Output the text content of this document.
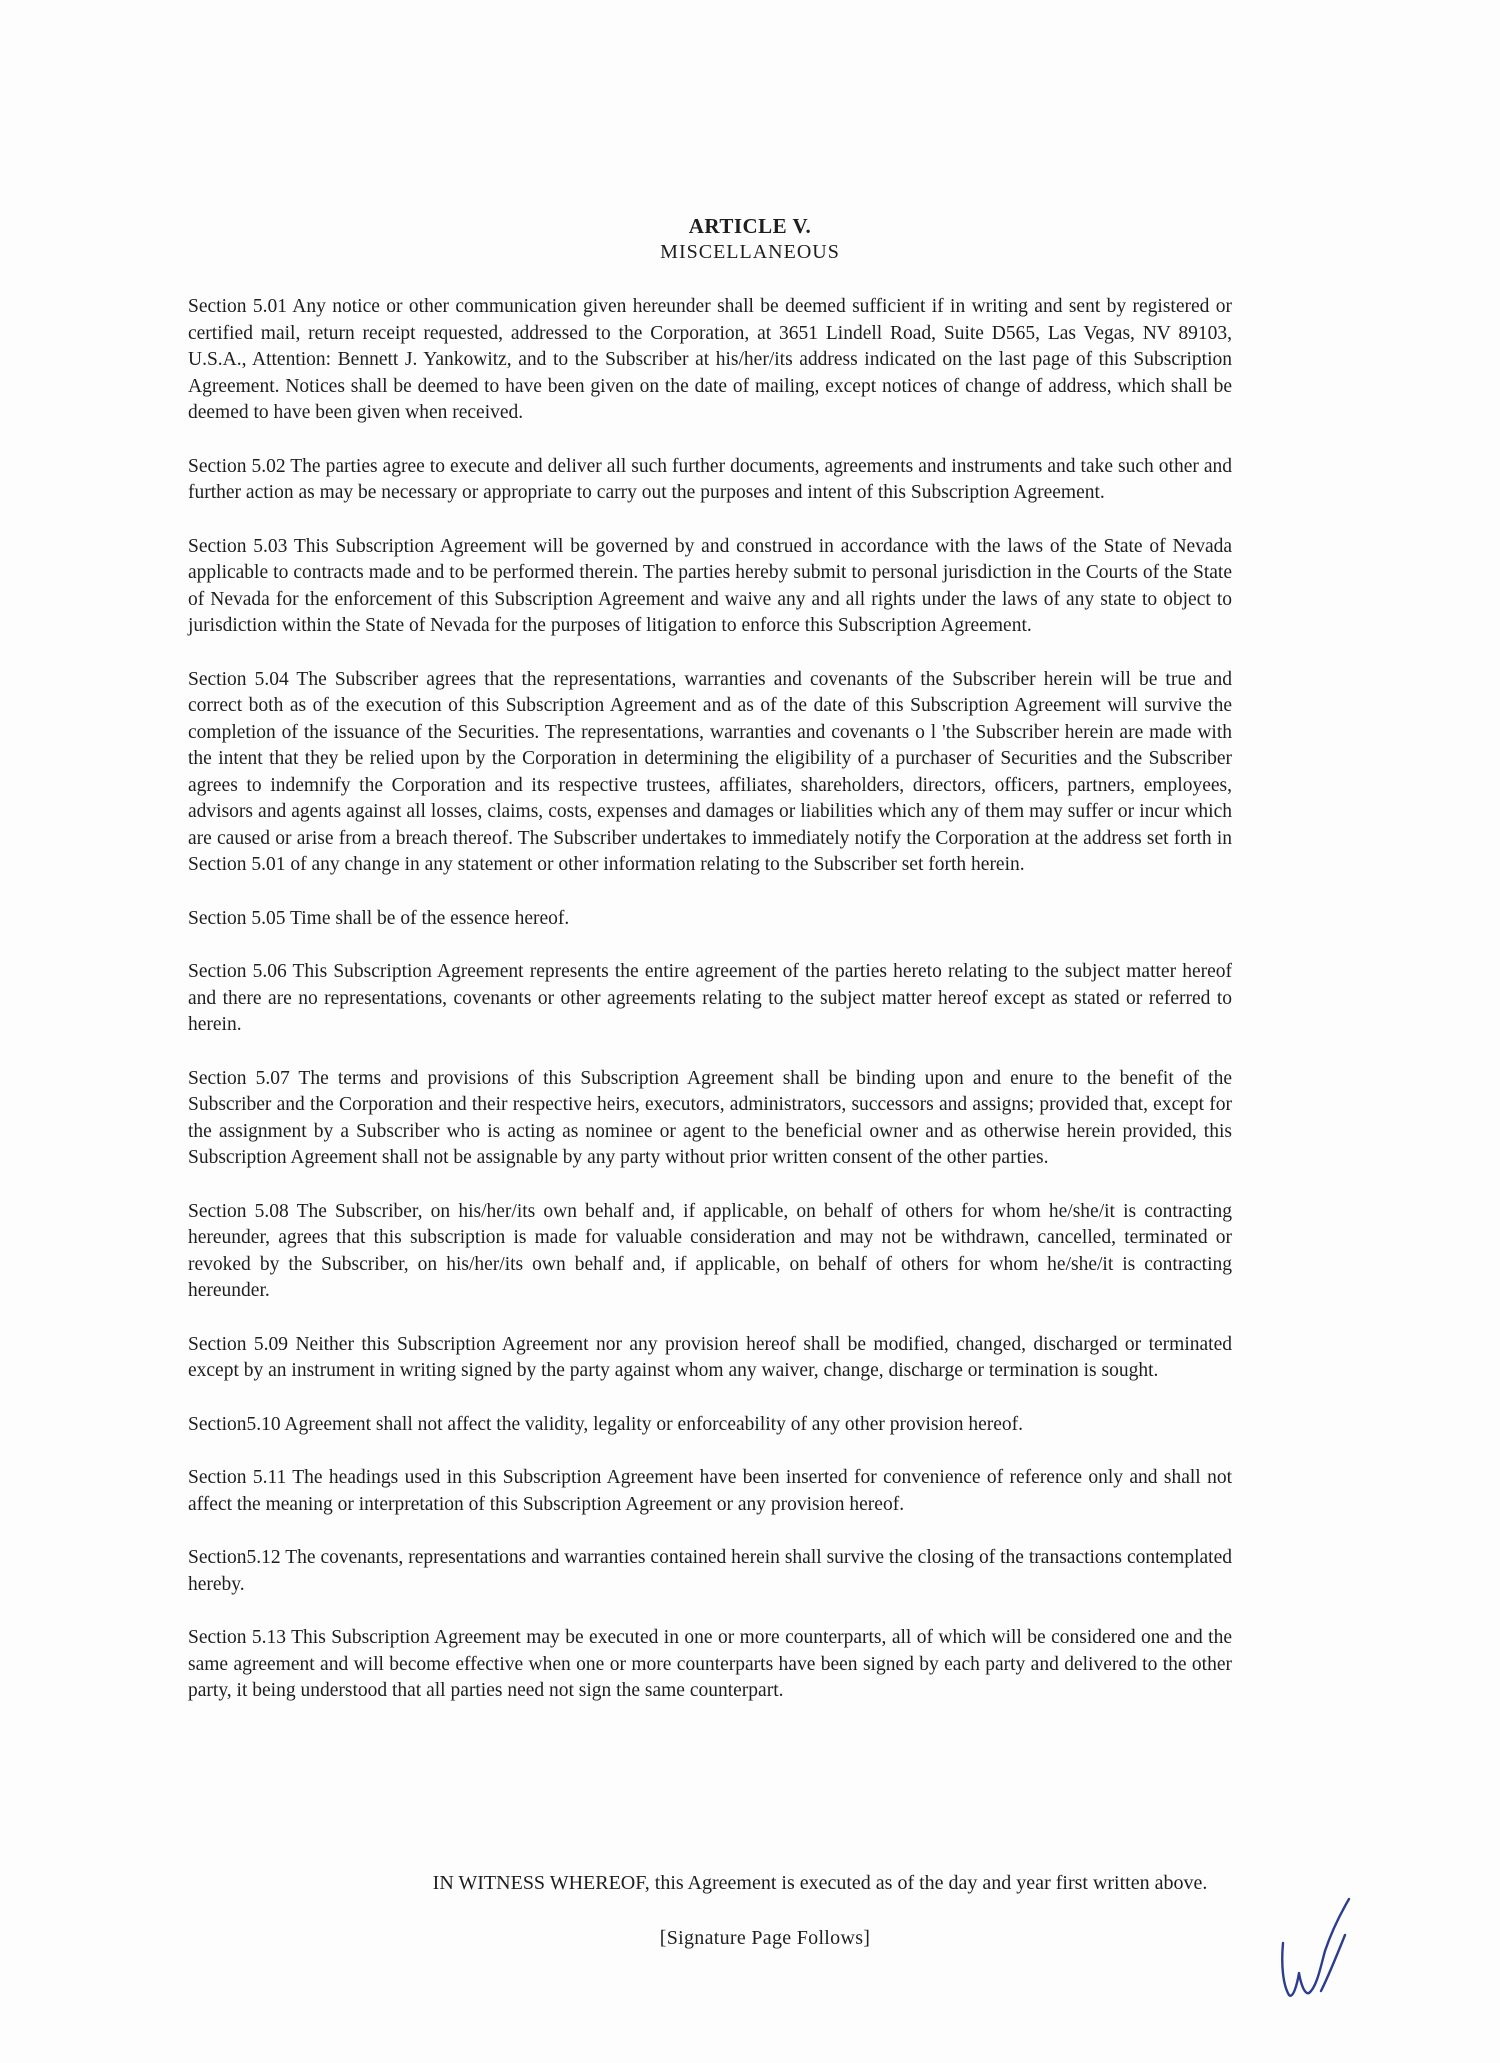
ARTICLE V.
MISCELLANEOUS

Section 5.01 Any notice or other communication given hereunder shall be deemed sufficient if in writing and sent by registered or certified mail, return receipt requested, addressed to the Corporation, at 3651 Lindell Road, Suite D565, Las Vegas, NV 89103, U.S.A., Attention: Bennett J. Yankowitz, and to the Subscriber at his/her/its address indicated on the last page of this Subscription Agreement. Notices shall be deemed to have been given on the date of mailing, except notices of change of address, which shall be deemed to have been given when received.

Section 5.02 The parties agree to execute and deliver all such further documents, agreements and instruments and take such other and further action as may be necessary or appropriate to carry out the purposes and intent of this Subscription Agreement.

Section 5.03 This Subscription Agreement will be governed by and construed in accordance with the laws of the State of Nevada applicable to contracts made and to be performed therein. The parties hereby submit to personal jurisdiction in the Courts of the State of Nevada for the enforcement of this Subscription Agreement and waive any and all rights under the laws of any state to object to jurisdiction within the State of Nevada for the purposes of litigation to enforce this Subscription Agreement.

Section 5.04 The Subscriber agrees that the representations, warranties and covenants of the Subscriber herein will be true and correct both as of the execution of this Subscription Agreement and as of the date of this Subscription Agreement will survive the completion of the issuance of the Securities. The representations, warranties and covenants o l 'the Subscriber herein are made with the intent that they be relied upon by the Corporation in determining the eligibility of a purchaser of Securities and the Subscriber agrees to indemnify the Corporation and its respective trustees, affiliates, shareholders, directors, officers, partners, employees, advisors and agents against all losses, claims, costs, expenses and damages or liabilities which any of them may suffer or incur which are caused or arise from a breach thereof. The Subscriber undertakes to immediately notify the Corporation at the address set forth in Section 5.01 of any change in any statement or other information relating to the Subscriber set forth herein.

Section 5.05 Time shall be of the essence hereof.

Section 5.06 This Subscription Agreement represents the entire agreement of the parties hereto relating to the subject matter hereof and there are no representations, covenants or other agreements relating to the subject matter hereof except as stated or referred to herein.

Section 5.07 The terms and provisions of this Subscription Agreement shall be binding upon and enure to the benefit of the Subscriber and the Corporation and their respective heirs, executors, administrators, successors and assigns; provided that, except for the assignment by a Subscriber who is acting as nominee or agent to the beneficial owner and as otherwise herein provided, this Subscription Agreement shall not be assignable by any party without prior written consent of the other parties.

Section 5.08 The Subscriber, on his/her/its own behalf and, if applicable, on behalf of others for whom he/she/it is contracting hereunder, agrees that this subscription is made for valuable consideration and may not be withdrawn, cancelled, terminated or revoked by the Subscriber, on his/her/its own behalf and, if applicable, on behalf of others for whom he/she/it is contracting hereunder.

Section 5.09 Neither this Subscription Agreement nor any provision hereof shall be modified, changed, discharged or terminated except by an instrument in writing signed by the party against whom any waiver, change, discharge or termination is sought.

Section5.10 Agreement shall not affect the validity, legality or enforceability of any other provision hereof.

Section 5.11 The headings used in this Subscription Agreement have been inserted for convenience of reference only and shall not affect the meaning or interpretation of this Subscription Agreement or any provision hereof.

Section5.12 The covenants, representations and warranties contained herein shall survive the closing of the transactions contemplated hereby.

Section 5.13 This Subscription Agreement may be executed in one or more counterparts, all of which will be considered one and the same agreement and will become effective when one or more counterparts have been signed by each party and delivered to the other party, it being understood that all parties need not sign the same counterpart.

IN WITNESS WHEREOF, this Agreement is executed as of the day and year first written above.
[Signature Page Follows]
